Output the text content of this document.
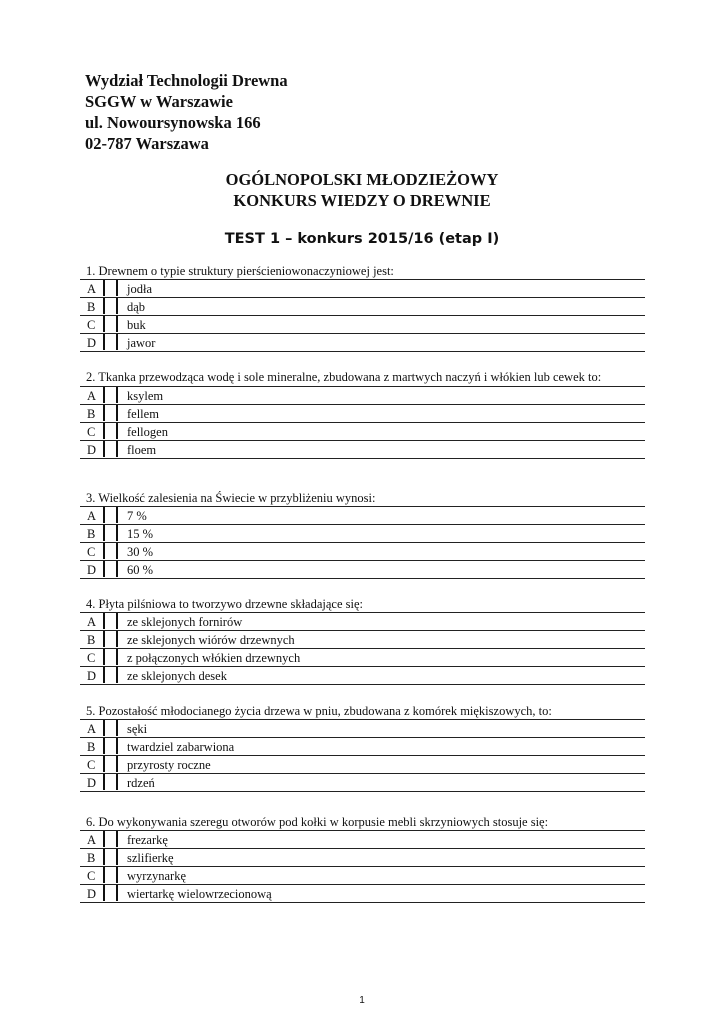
Wydział Technologii Drewna
SGGW w Warszawie
ul. Nowoursynowska 166
02-787 Warszawa
OGÓLNOPOLSKI MŁODZIEŻOWY
KONKURS WIEDZY O DREWNIE
TEST 1 – konkurs 2015/16 (etap I)
1. Drewnem o typie struktury pierścieniowonaczyniowej jest:
A	jodła
B	dąb
C	buk
D	jawor
2. Tkanka przewodząca wodę i sole mineralne, zbudowana z martwych naczyń i włókien lub cewek to:
A	ksylem
B	fellem
C	fellogen
D	floem
3. Wielkość zalesienia na Świecie w przybliżeniu wynosi:
A	7 %
B	15 %
C	30 %
D	60 %
4. Płyta pilśniowa to tworzywo drzewne składające się:
A	ze sklejonych fornirów
B	ze sklejonych wiórów drzewnych
C	z połączonych włókien drzewnych
D	ze sklejonych desek
5. Pozostałość młodocianego życia drzewa w pniu, zbudowana z komórek miękiszowych, to:
A	sęki
B	twardziel zabarwiona
C	przyrosty roczne
D	rdzeń
6. Do wykonywania szeregu otworów pod kołki w korpusie mebli skrzyniowych stosuje się:
A	frezarkę
B	szlifierkę
C	wyrzynarkę
D	wiertarkę wielowrzecionową
1
